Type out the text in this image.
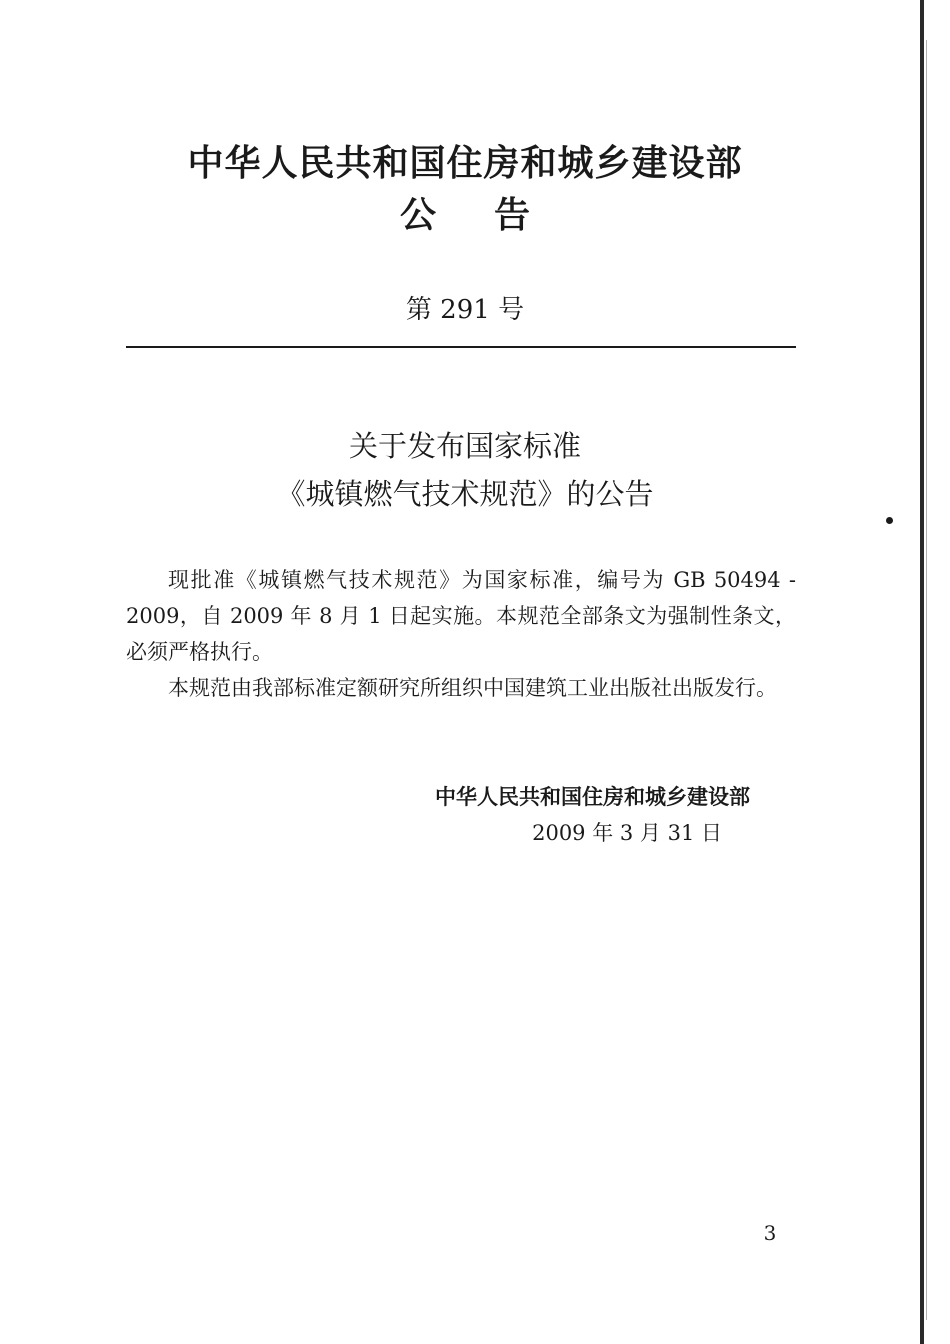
中华人民共和国住房和城乡建设部
公告
第 291 号
关于发布国家标准
《城镇燃气技术规范》的公告
现批准《城镇燃气技术规范》为国家标准，编号为 GB 50494 - 2009，自 2009 年 8 月 1 日起实施。本规范全部条文为强制性条文，必须严格执行。
本规范由我部标准定额研究所组织中国建筑工业出版社出版发行。
中华人民共和国住房和城乡建设部
2009 年 3 月 31 日
3
